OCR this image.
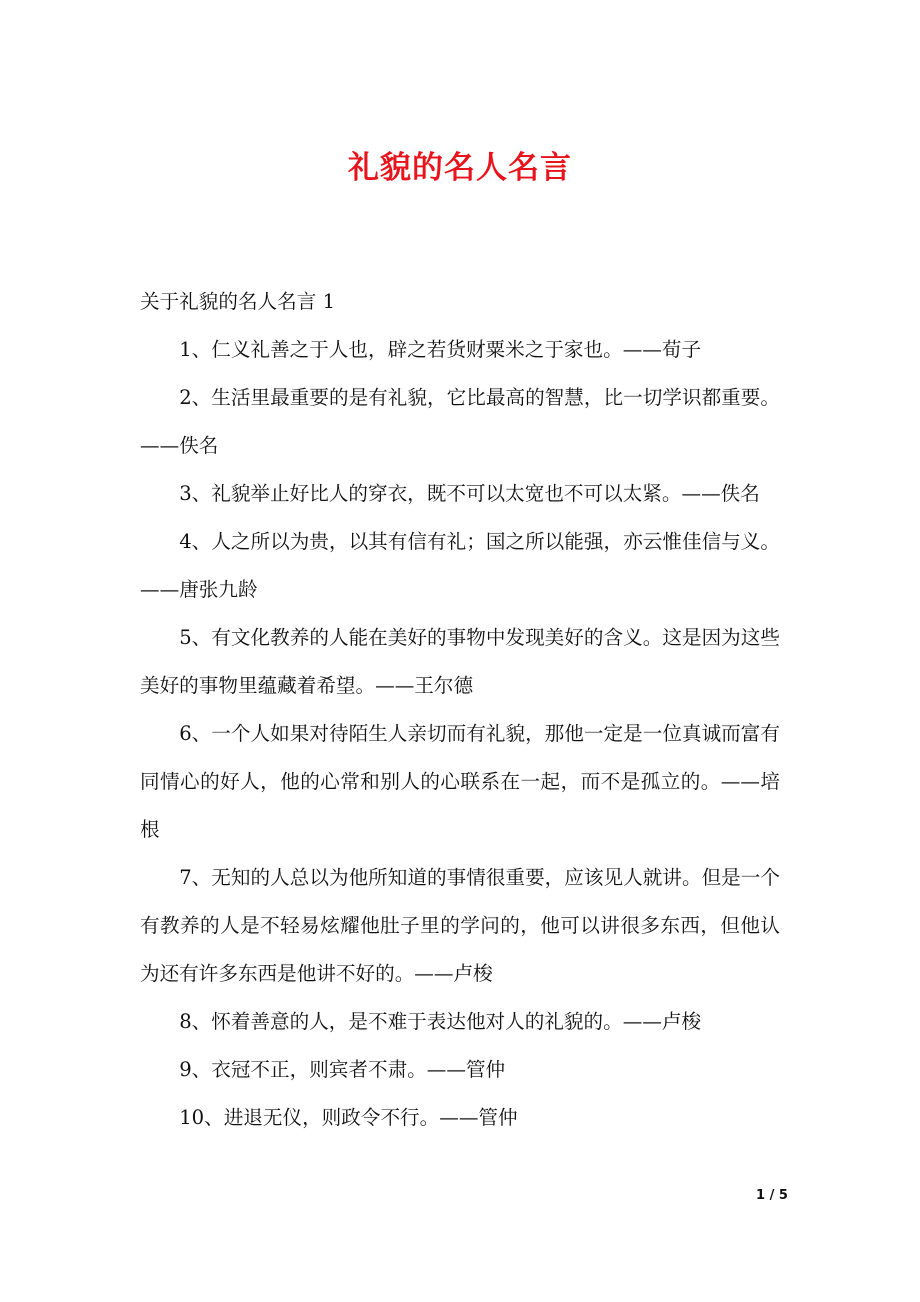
礼貌的名人名言

关于礼貌的名人名言 1

1、仁义礼善之于人也，辟之若货财粟米之于家也。——荀子

2、生活里最重要的是有礼貌，它比最高的智慧，比一切学识都重要。——佚名

3、礼貌举止好比人的穿衣，既不可以太宽也不可以太紧。——佚名

4、人之所以为贵，以其有信有礼；国之所以能强，亦云惟佳信与义。——唐张九龄

5、有文化教养的人能在美好的事物中发现美好的含义。这是因为这些美好的事物里蕴藏着希望。——王尔德

6、一个人如果对待陌生人亲切而有礼貌，那他一定是一位真诚而富有同情心的好人，他的心常和别人的心联系在一起，而不是孤立的。——培根

7、无知的人总以为他所知道的事情很重要，应该见人就讲。但是一个有教养的人是不轻易炫耀他肚子里的学问的，他可以讲很多东西，但他认为还有许多东西是他讲不好的。——卢梭

8、怀着善意的人，是不难于表达他对人的礼貌的。——卢梭

9、衣冠不正，则宾者不肃。——管仲

10、进退无仪，则政令不行。——管仲

1 / 5
